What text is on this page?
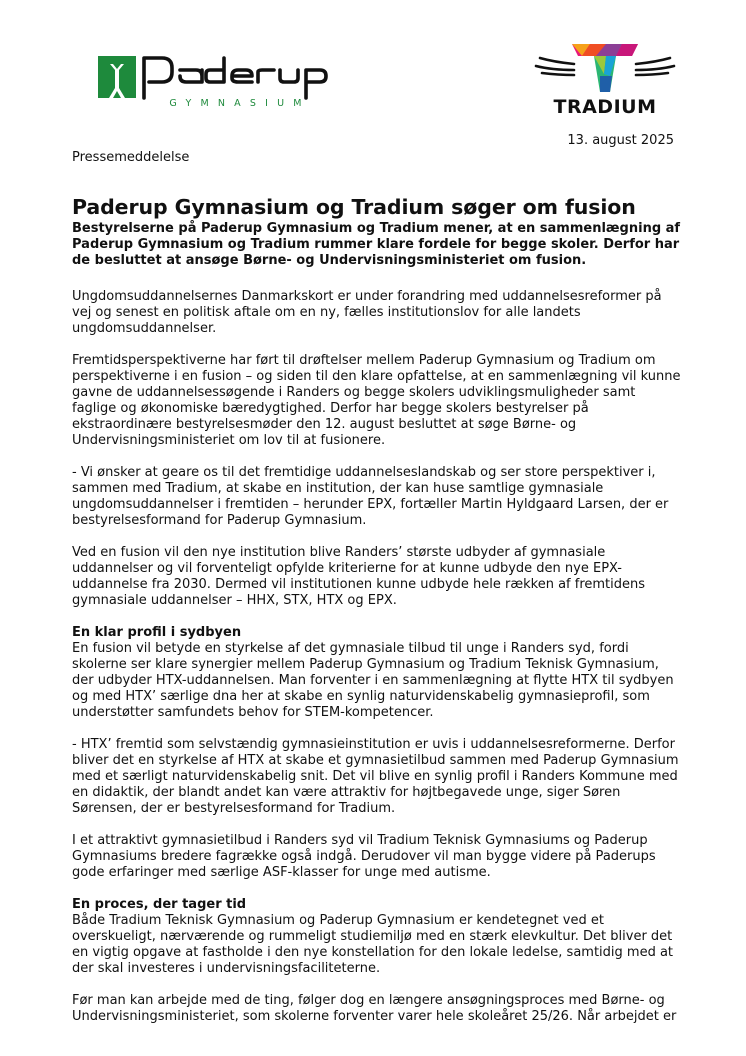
GYMNASIUM	TRADIUM
13. august 2025
Pressemeddelelse
Paderup Gymnasium og Tradium søger om fusion

Bestyrelserne på Paderup Gymnasium og Tradium mener, at en sammenlægning af Paderup Gymnasium og Tradium rummer klare fordele for begge skoler. Derfor har de besluttet at ansøge Børne- og Undervisningsministeriet om fusion.

Ungdomsuddannelsernes Danmarkskort er under forandring med uddannelsesreformer på vej og senest en politisk aftale om en ny, fælles institutionslov for alle landets ungdomsuddannelser.

Fremtidsperspektiverne har ført til drøftelser mellem Paderup Gymnasium og Tradium om perspektiverne i en fusion – og siden til den klare opfattelse, at en sammenlægning vil kunne gavne de uddannelsessøgende i Randers og begge skolers udviklingsmuligheder samt faglige og økonomiske bæredygtighed. Derfor har begge skolers bestyrelser på ekstraordinære bestyrelsesmøder den 12. august besluttet at søge Børne- og Undervisningsministeriet om lov til at fusionere.

- Vi ønsker at geare os til det fremtidige uddannelseslandskab og ser store perspektiver i, sammen med Tradium, at skabe en institution, der kan huse samtlige gymnasiale ungdomsuddannelser i fremtiden – herunder EPX, fortæller Martin Hyldgaard Larsen, der er bestyrelsesformand for Paderup Gymnasium.

Ved en fusion vil den nye institution blive Randers’ største udbyder af gymnasiale uddannelser og vil forventeligt opfylde kriterierne for at kunne udbyde den nye EPX-uddannelse fra 2030. Dermed vil institutionen kunne udbyde hele rækken af fremtidens gymnasiale uddannelser – HHX, STX, HTX og EPX.

En klar profil i sydbyen

En fusion vil betyde en styrkelse af det gymnasiale tilbud til unge i Randers syd, fordi skolerne ser klare synergier mellem Paderup Gymnasium og Tradium Teknisk Gymnasium, der udbyder HTX-uddannelsen. Man forventer i en sammenlægning at flytte HTX til sydbyen og med HTX’ særlige dna her at skabe en synlig naturvidenskabelig gymnasieprofil, som understøtter samfundets behov for STEM-kompetencer.

- HTX’ fremtid som selvstændig gymnasieinstitution er uvis i uddannelsesreformerne. Derfor bliver det en styrkelse af HTX at skabe et gymnasietilbud sammen med Paderup Gymnasium med et særligt naturvidenskabelig snit. Det vil blive en synlig profil i Randers Kommune med en didaktik, der blandt andet kan være attraktiv for højtbegavede unge, siger Søren Sørensen, der er bestyrelsesformand for Tradium.

I et attraktivt gymnasietilbud i Randers syd vil Tradium Teknisk Gymnasiums og Paderup Gymnasiums bredere fagrække også indgå. Derudover vil man bygge videre på Paderups gode erfaringer med særlige ASF-klasser for unge med autisme.

En proces, der tager tid

Både Tradium Teknisk Gymnasium og Paderup Gymnasium er kendetegnet ved et overskueligt, nærværende og rummeligt studiemiljø med en stærk elevkultur. Det bliver det en vigtig opgave at fastholde i den nye konstellation for den lokale ledelse, samtidig med at der skal investeres i undervisningsfaciliteterne.

Før man kan arbejde med de ting, følger dog en længere ansøgningsproces med Børne- og Undervisningsministeriet, som skolerne forventer varer hele skoleåret 25/26. Når arbejdet er
